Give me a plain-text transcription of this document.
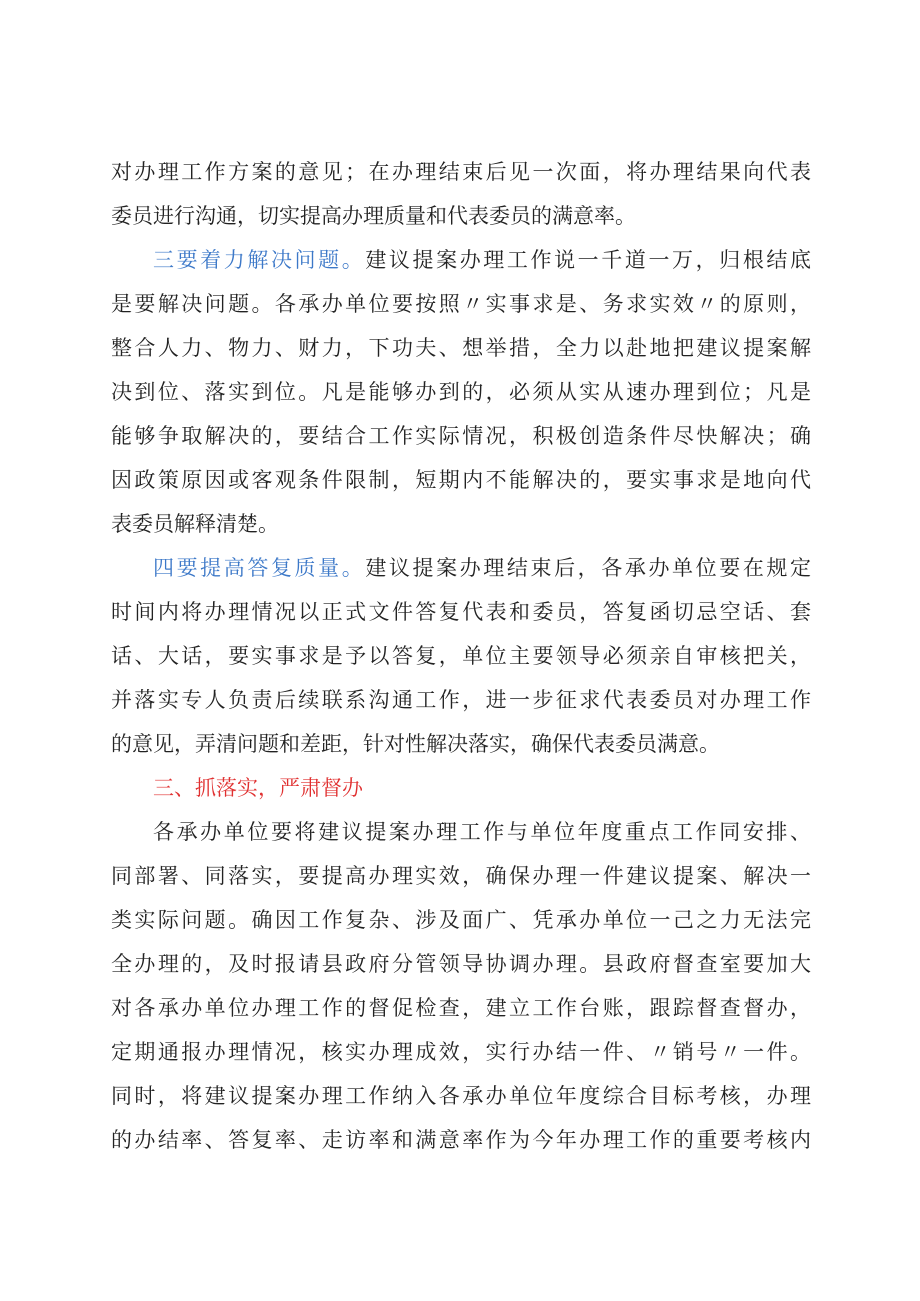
对办理工作方案的意见；在办理结束后见一次面，将办理结果向代表
委员进行沟通，切实提高办理质量和代表委员的满意率。
三要着力解决问题。建议提案办理工作说一千道一万，归根结底
是要解决问题。各承办单位要按照〃实事求是、务求实效〃的原则，
整合人力、物力、财力，下功夫、想举措，全力以赴地把建议提案解
决到位、落实到位。凡是能够办到的，必须从实从速办理到位；凡是
能够争取解决的，要结合工作实际情况，积极创造条件尽快解决；确
因政策原因或客观条件限制，短期内不能解决的，要实事求是地向代
表委员解释清楚。
四要提高答复质量。建议提案办理结束后，各承办单位要在规定
时间内将办理情况以正式文件答复代表和委员，答复函切忌空话、套
话、大话，要实事求是予以答复，单位主要领导必须亲自审核把关，
并落实专人负责后续联系沟通工作，进一步征求代表委员对办理工作
的意见，弄清问题和差距，针对性解决落实，确保代表委员满意。
三、抓落实，严肃督办
各承办单位要将建议提案办理工作与单位年度重点工作同安排、
同部署、同落实，要提高办理实效，确保办理一件建议提案、解决一
类实际问题。确因工作复杂、涉及面广、凭承办单位一己之力无法完
全办理的，及时报请县政府分管领导协调办理。县政府督查室要加大
对各承办单位办理工作的督促检查，建立工作台账，跟踪督查督办，
定期通报办理情况，核实办理成效，实行办结一件、〃销号〃一件。
同时，将建议提案办理工作纳入各承办单位年度综合目标考核，办理
的办结率、答复率、走访率和满意率作为今年办理工作的重要考核内
